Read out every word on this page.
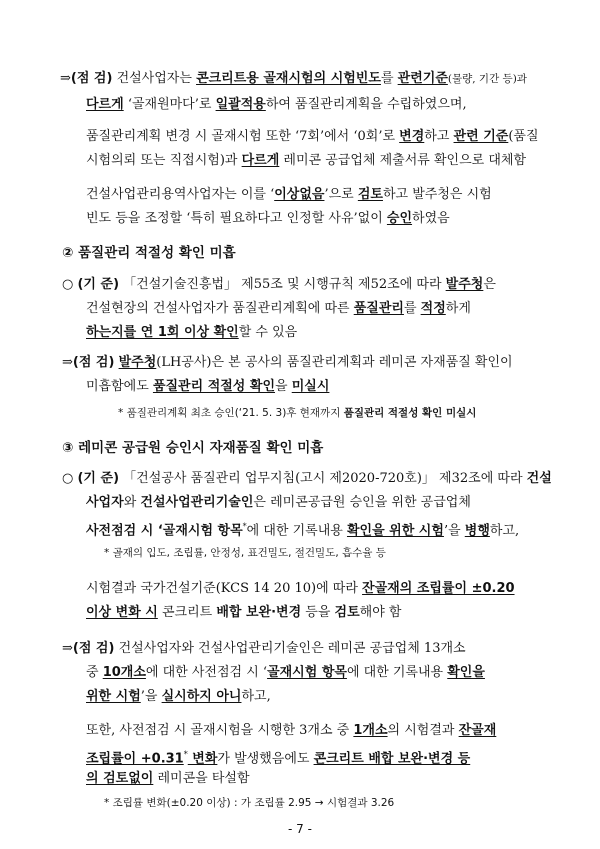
⇒(점 검) 건설사업자는 콘크리트용 골재시험의 시험빈도를 관련기준(물량, 기간 등)과
다르게 ‘골재원마다’로 일괄적용하여 품질관리계획을 수립하였으며,
품질관리계획 변경 시 골재시험 또한 ‘7회’에서 ‘0회’로 변경하고 관련 기준(품질
시험의뢰 또는 직접시험)과 다르게 레미콘 공급업체 제출서류 확인으로 대체함
건설사업관리용역사업자는 이를 ‘이상없음’으로 검토하고 발주청은 시험
빈도 등을 조정할 ‘특히 필요하다고 인정할 사유’없이 승인하였음
② 품질관리 적절성 확인 미흡
○ (기 준) 「건설기술진흥법」 제55조 및 시행규칙 제52조에 따라 발주청은
건설현장의 건설사업자가 품질관리계획에 따른 품질관리를 적정하게
하는지를 연 1회 이상 확인할 수 있음
⇒(점 검) 발주청(LH공사)은 본 공사의 품질관리계획과 레미콘 자재품질 확인이
미흡함에도 품질관리 적절성 확인을 미실시
* 품질관리계획 최초 승인(‘21. 5. 3)후 현재까지 품질관리 적절성 확인 미실시
③ 레미콘 공급원 승인시 자재품질 확인 미흡
○ (기 준) 「건설공사 품질관리 업무지침(고시 제2020-720호)」 제32조에 따라 건설
사업자와 건설사업관리기술인은 레미콘공급원 승인을 위한 공급업체
사전점검 시 ‘골재시험 항목*에 대한 기록내용 확인을 위한 시험’을 병행하고,
* 골재의 입도, 조립률, 안정성, 표건밀도, 절건밀도, 흡수율 등
시험결과 국가건설기준(KCS 14 20 10)에 따라 잔골재의 조립률이 ±0.20
이상 변화 시 콘크리트 배합 보완·변경 등을 검토해야 함
⇒(점 검) 건설사업자와 건설사업관리기술인은 레미콘 공급업체 13개소
중 10개소에 대한 사전점검 시 ‘골재시험 항목에 대한 기록내용 확인을
위한 시험’을 실시하지 아니하고,
또한, 사전점검 시 골재시험을 시행한 3개소 중 1개소의 시험결과 잔골재
조립률이 +0.31* 변화가 발생했음에도 콘크리트 배합 보완·변경 등
의 검토없이 레미콘을 타설함
- 7 -
* 조립률 변화(±0.20 이상) : 가 조립률 2.95 → 시험결과 3.26
